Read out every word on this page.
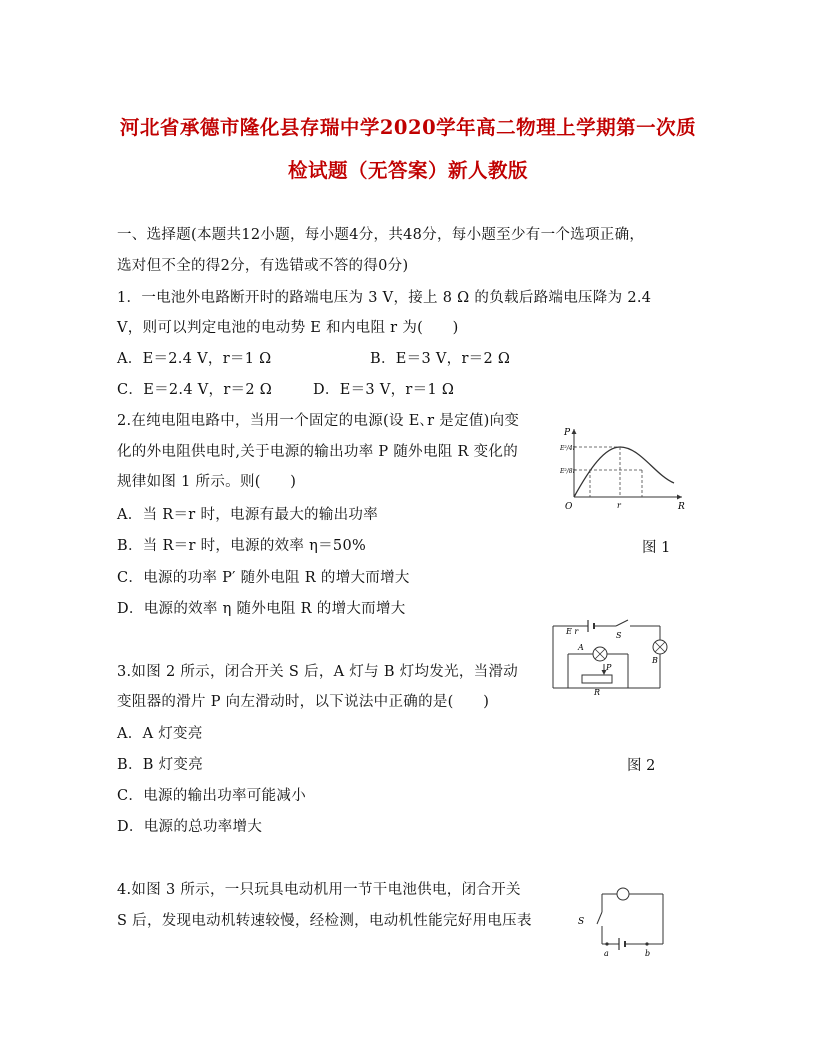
河北省承德市隆化县存瑞中学2020学年高二物理上学期第一次质
检试题（无答案）新人教版
一、选择题(本题共12小题，每小题4分，共48分，每小题至少有一个选项正确，
选对但不全的得2分，有选错或不答的得0分)
1．一电池外电路断开时的路端电压为 3 V，接上 8 Ω 的负载后路端电压降为 2.4
V，则可以判定电池的电动势 E 和内电阻 r 为(　　)
A．E＝2.4 V，r＝1 Ω	B．E＝3 V，r＝2 Ω
C．E＝2.4 V，r＝2 Ω	D．E＝3 V，r＝1 Ω
2.在纯电阻电路中，当用一个固定的电源(设 E､r 是定值)向变
化的外电阻供电时,关于电源的输出功率 P 随外电阻 R 变化的
规律如图 1 所示。则(　　)
A．当 R＝r 时，电源有最大的输出功率
B．当 R＝r 时，电源的效率 η＝50%	图 1
C．电源的功率 P′ 随外电阻 R 的增大而增大
D．电源的效率 η 随外电阻 R 的增大而增大
P
R
O	r
E²/4r
E²/8r
3.如图 2 所示，闭合开关 S 后，A 灯与 B 灯均发光，当滑动
变阻器的滑片 P 向左滑动时，以下说法中正确的是(　　)
A．A 灯变亮
B．B 灯变亮	图 2
C．电源的输出功率可能减小
D．电源的总功率增大
E r	S
B
A
P
R
4.如图 3 所示，一只玩具电动机用一节干电池供电，闭合开关
S 后，发现电动机转速较慢，经检测，电动机性能完好用电压表	S
a	b
